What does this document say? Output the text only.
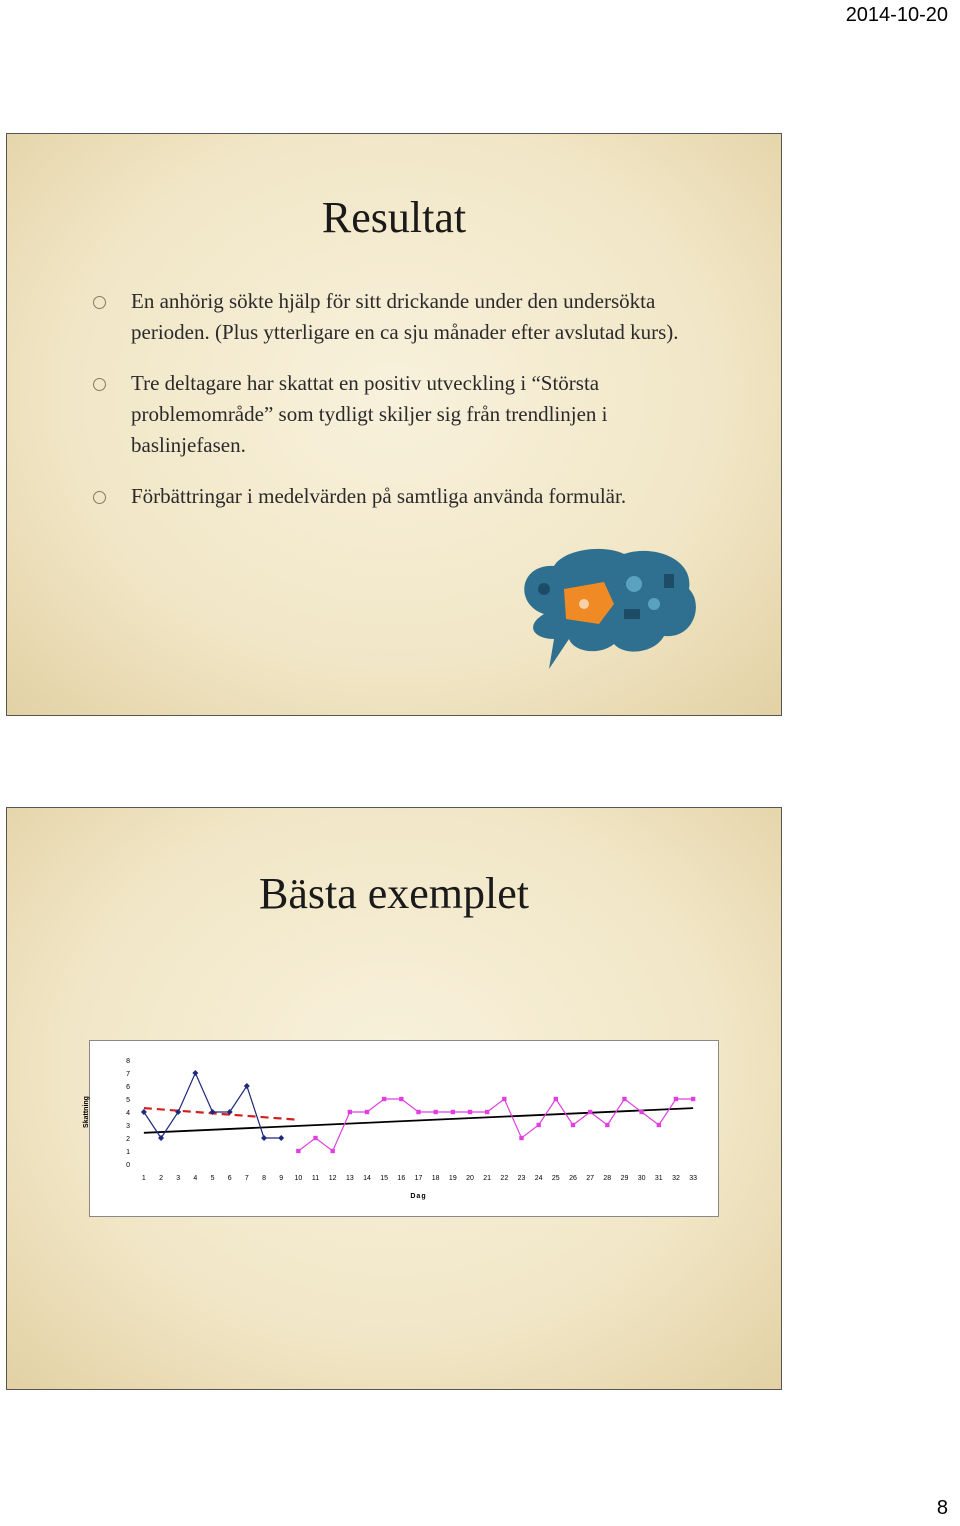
2014-10-20
Resultat
En anhörig sökte hjälp för sitt drickande under den undersökta perioden. (Plus ytterligare en ca sju månader efter avslutad kurs).
Tre deltagare har skattat en positiv utveckling i “Största problemområde” som tydligt skiljer sig från trendlinjen i baslinjefasen.
Förbättringar i medelvärden på samtliga använda formulär.
Bästa exemplet
0
1
2
3
4
5
6
7
8
1 2 3 4 5 6 7 8 9 10 11 12 13 14 15 16 17 18 19 20 21 22 23 24 25 26 27 28 29 30 31 32 33
Dag
Skattning
8
